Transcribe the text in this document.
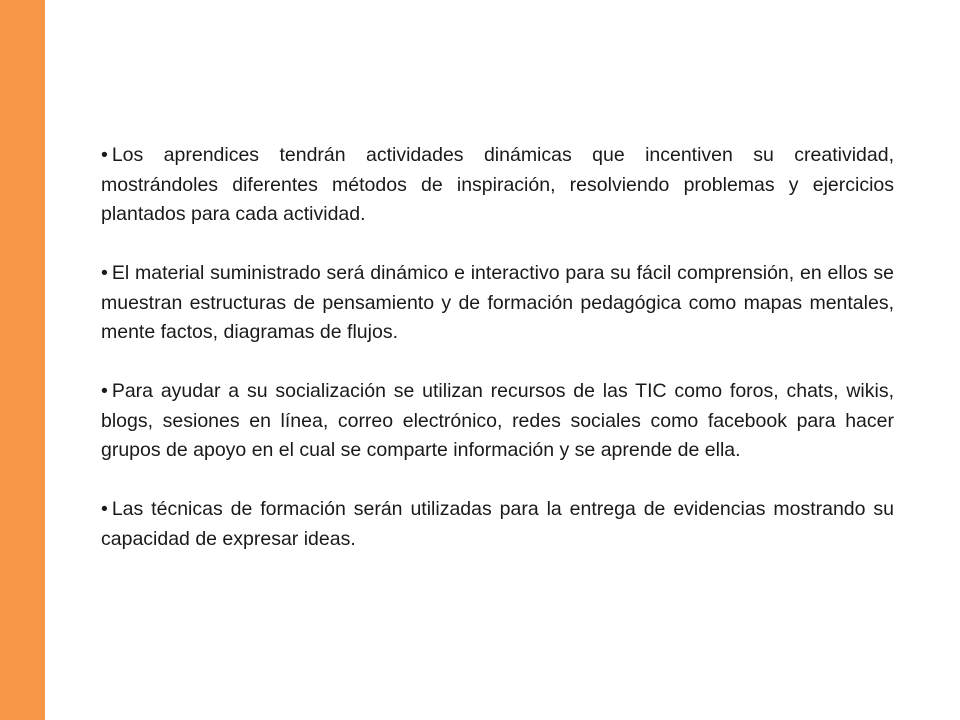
• Los aprendices tendrán actividades dinámicas que incentiven su creatividad, mostrándoles diferentes métodos de inspiración, resolviendo problemas y ejercicios plantados para cada actividad.

• El material suministrado será dinámico e interactivo para su fácil comprensión, en ellos se muestran estructuras de pensamiento y de formación pedagógica como mapas mentales, mente factos, diagramas de flujos.

• Para ayudar a su socialización se utilizan recursos de las TIC como foros, chats, wikis, blogs, sesiones en línea, correo electrónico, redes sociales como facebook para hacer grupos de apoyo en el cual se comparte información y se aprende de ella.

• Las técnicas de formación serán utilizadas para la entrega de evidencias mostrando su capacidad de expresar ideas.
